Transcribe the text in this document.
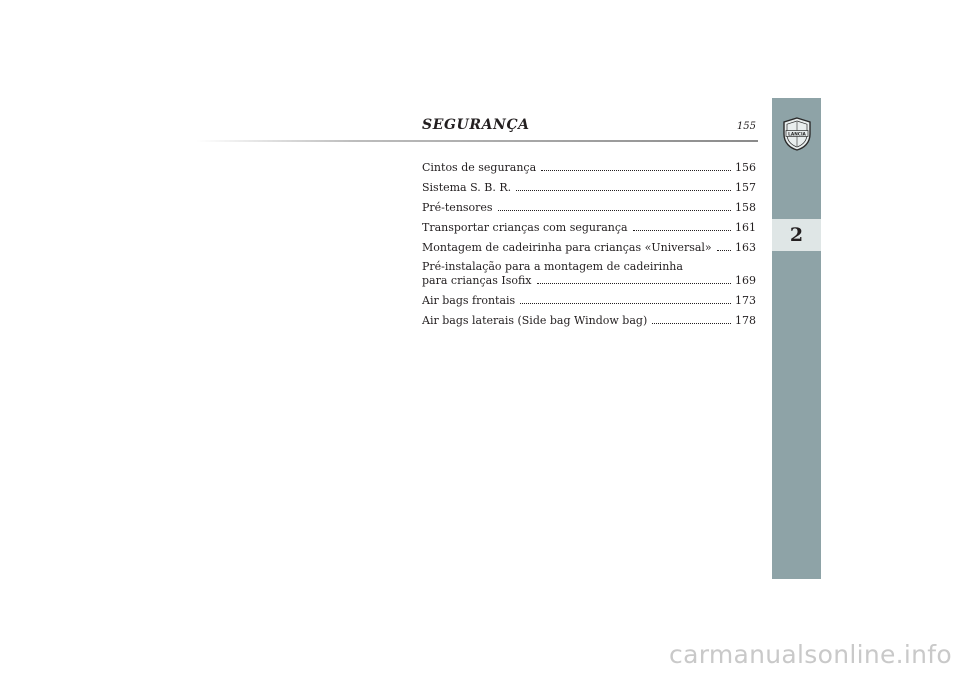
SEGURANÇA	155
Cintos de segurança	156
Sistema S. B. R.	157
Pré-tensores	158
Transportar crianças com segurança	161
Montagem de cadeirinha para crianças «Universal» 163
Pré-instalação para a montagem de cadeirinha
para crianças Isofix	169
Air bags frontais	173
Air bags laterais (Side bag Window bag)	178
LANCIA
2
carmanualsonline.info
